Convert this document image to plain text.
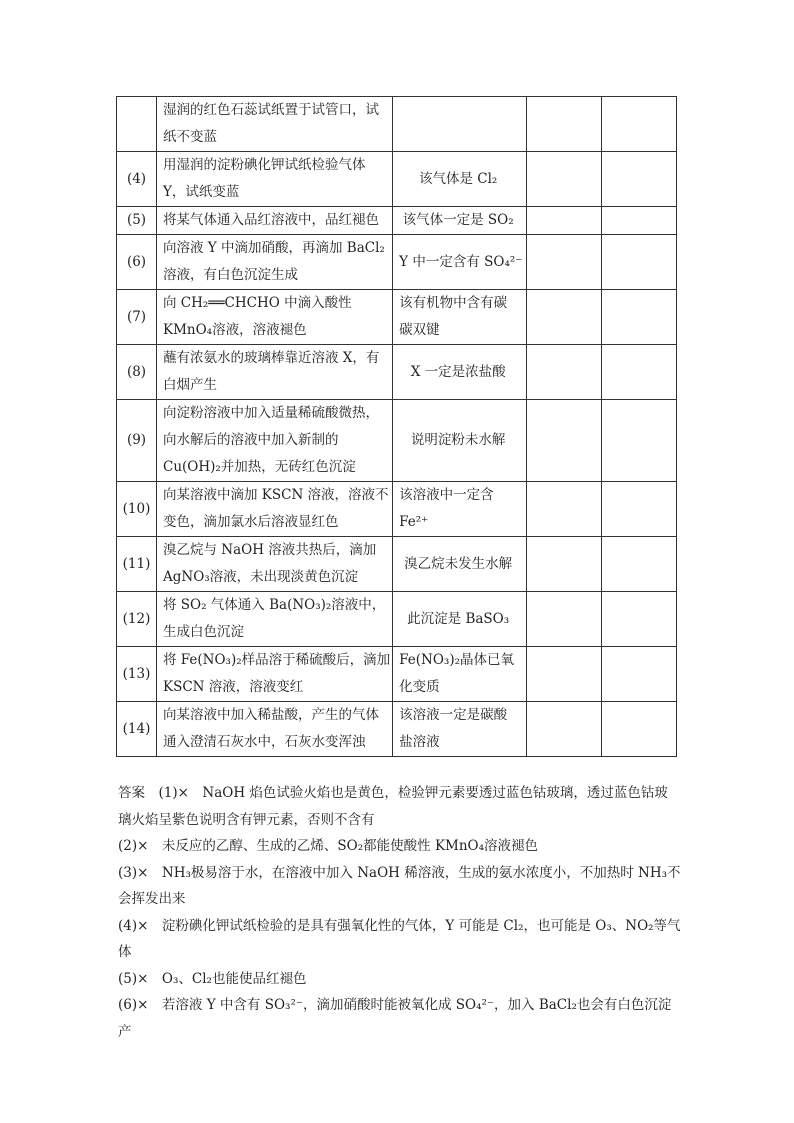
	湿润的红色石蕊试纸置于试管口，试
纸不变蓝			

(4)	用湿润的淀粉碘化钾试纸检验气体
Y，试纸变蓝	该气体是 Cl₂		

(5)	将某气体通入品红溶液中，品红褪色	该气体一定是 SO₂		

(6)	向溶液 Y 中滴加硝酸，再滴加 BaCl₂
溶液，有白色沉淀生成	Y 中一定含有 SO₄²⁻		

(7)	向 CH₂══CHCHO 中滴入酸性
KMnO₄溶液，溶液褪色	该有机物中含有碳
碳双键		

(8)	蘸有浓氨水的玻璃棒靠近溶液 X，有
白烟产生	X 一定是浓盐酸		

(9)	向淀粉溶液中加入适量稀硫酸微热，
向水解后的溶液中加入新制的
Cu(OH)₂并加热，无砖红色沉淀	说明淀粉未水解		

(10)	向某溶液中滴加 KSCN 溶液，溶液不
变色，滴加氯水后溶液显红色	该溶液中一定含
Fe²⁺		

(11)	溴乙烷与 NaOH 溶液共热后，滴加
AgNO₃溶液，未出现淡黄色沉淀	溴乙烷未发生水解		

(12)	将 SO₂ 气体通入 Ba(NO₃)₂溶液中，
生成白色沉淀	此沉淀是 BaSO₃		

(13)	将 Fe(NO₃)₂样品溶于稀硫酸后，滴加
KSCN 溶液，溶液变红	Fe(NO₃)₂晶体已氧
化变质		

(14)	向某溶液中加入稀盐酸，产生的气体
通入澄清石灰水中，石灰水变浑浊	该溶液一定是碳酸
盐溶液		

答案　 (1)×　NaOH 焰色试验火焰也是黄色，检验钾元素要透过蓝色钴玻璃，透过蓝色钴玻璃火焰呈紫色说明含有钾元素，否则不含有

(2)×　未反应的乙醇、生成的乙烯、SO₂都能使酸性 KMnO₄溶液褪色

(3)×　NH₃极易溶于水，在溶液中加入 NaOH 稀溶液，生成的氨水浓度小，不加热时 NH₃不会挥发出来

(4)×　淀粉碘化钾试纸检验的是具有强氧化性的气体，Y 可能是 Cl₂，也可能是 O₃、NO₂等气体

(5)×　O₃、Cl₂也能使品红褪色

(6)×　若溶液 Y 中含有 SO₃²⁻，滴加硝酸时能被氧化成 SO₄²⁻，加入 BaCl₂也会有白色沉淀产
